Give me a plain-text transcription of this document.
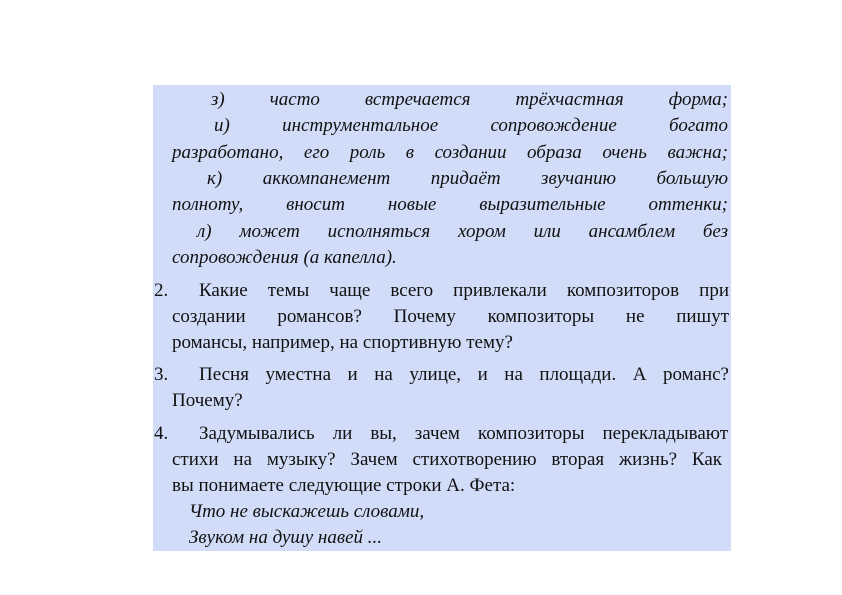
з) часто встречается трёхчастная форма;
и) инструментальное сопровождение богато
разработано, его роль в создании образа очень важна;
к) аккомпанемент придаёт звучанию большую
полноту, вносит новые выразительные оттенки;
л) может исполняться хором или ансамблем без
сопровождения (а капелла).
2. Какие темы чаще всего привлекали композиторов при
создании романсов? Почему композиторы не пишут
романсы, например, на спортивную тему?
3. Песня уместна и на улице, и на площади. А романс?
Почему?
4. Задумывались ли вы, зачем композиторы перекладывают
стихи на музыку? Зачем стихотворению вторая жизнь? Как
вы понимаете следующие строки А. Фета:
Что не выскажешь словами,
Звуком на душу навей ...
